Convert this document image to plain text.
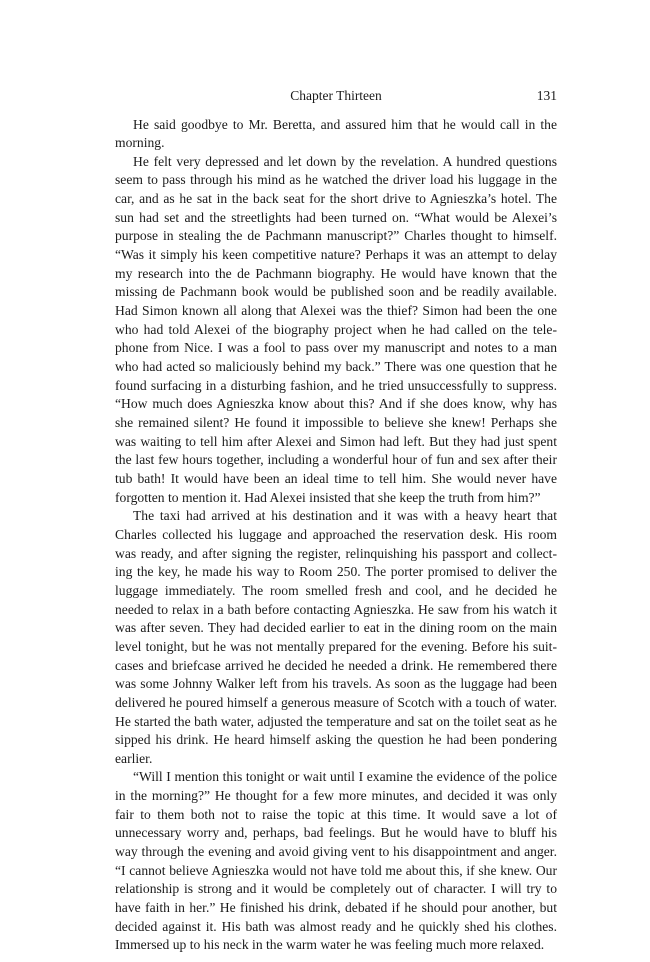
Chapter Thirteen	131

He said goodbye to Mr. Beretta, and assured him that he would call in the morning.

He felt very depressed and let down by the revelation. A hundred questions seem to pass through his mind as he watched the driver load his luggage in the car, and as he sat in the back seat for the short drive to Agnieszka’s hotel. The sun had set and the streetlights had been turned on. “What would be Alexei’s purpose in stealing the de Pachmann manuscript?” Charles thought to himself. “Was it simply his keen competitive nature? Perhaps it was an attempt to delay my research into the de Pachmann biography. He would have known that the missing de Pachmann book would be published soon and be readily available. Had Simon known all along that Alexei was the thief? Simon had been the one who had told Alexei of the biography project when he had called on the telephone from Nice. I was a fool to pass over my manuscript and notes to a man who had acted so maliciously behind my back.” There was one question that he found surfacing in a disturbing fashion, and he tried unsuccessfully to suppress. “How much does Agnieszka know about this? And if she does know, why has she remained silent? He found it impossible to believe she knew! Perhaps she was waiting to tell him after Alexei and Simon had left. But they had just spent the last few hours together, including a wonderful hour of fun and sex after their tub bath! It would have been an ideal time to tell him. She would never have forgotten to mention it. Had Alexei insisted that she keep the truth from him?”

The taxi had arrived at his destination and it was with a heavy heart that Charles collected his luggage and approached the reservation desk. His room was ready, and after signing the register, relinquishing his passport and collecting the key, he made his way to Room 250. The porter promised to deliver the luggage immediately. The room smelled fresh and cool, and he decided he needed to relax in a bath before contacting Agnieszka. He saw from his watch it was after seven. They had decided earlier to eat in the dining room on the main level tonight, but he was not mentally prepared for the evening. Before his suitcases and briefcase arrived he decided he needed a drink. He remembered there was some Johnny Walker left from his travels. As soon as the luggage had been delivered he poured himself a generous measure of Scotch with a touch of water. He started the bath water, adjusted the temperature and sat on the toilet seat as he sipped his drink. He heard himself asking the question he had been pondering earlier.

“Will I mention this tonight or wait until I examine the evidence of the police in the morning?” He thought for a few more minutes, and decided it was only fair to them both not to raise the topic at this time. It would save a lot of unnecessary worry and, perhaps, bad feelings. But he would have to bluff his way through the evening and avoid giving vent to his disappointment and anger. “I cannot believe Agnieszka would not have told me about this, if she knew. Our relationship is strong and it would be completely out of character. I will try to have faith in her.” He finished his drink, debated if he should pour another, but decided against it. His bath was almost ready and he quickly shed his clothes. Immersed up to his neck in the warm water he was feeling much more relaxed.
